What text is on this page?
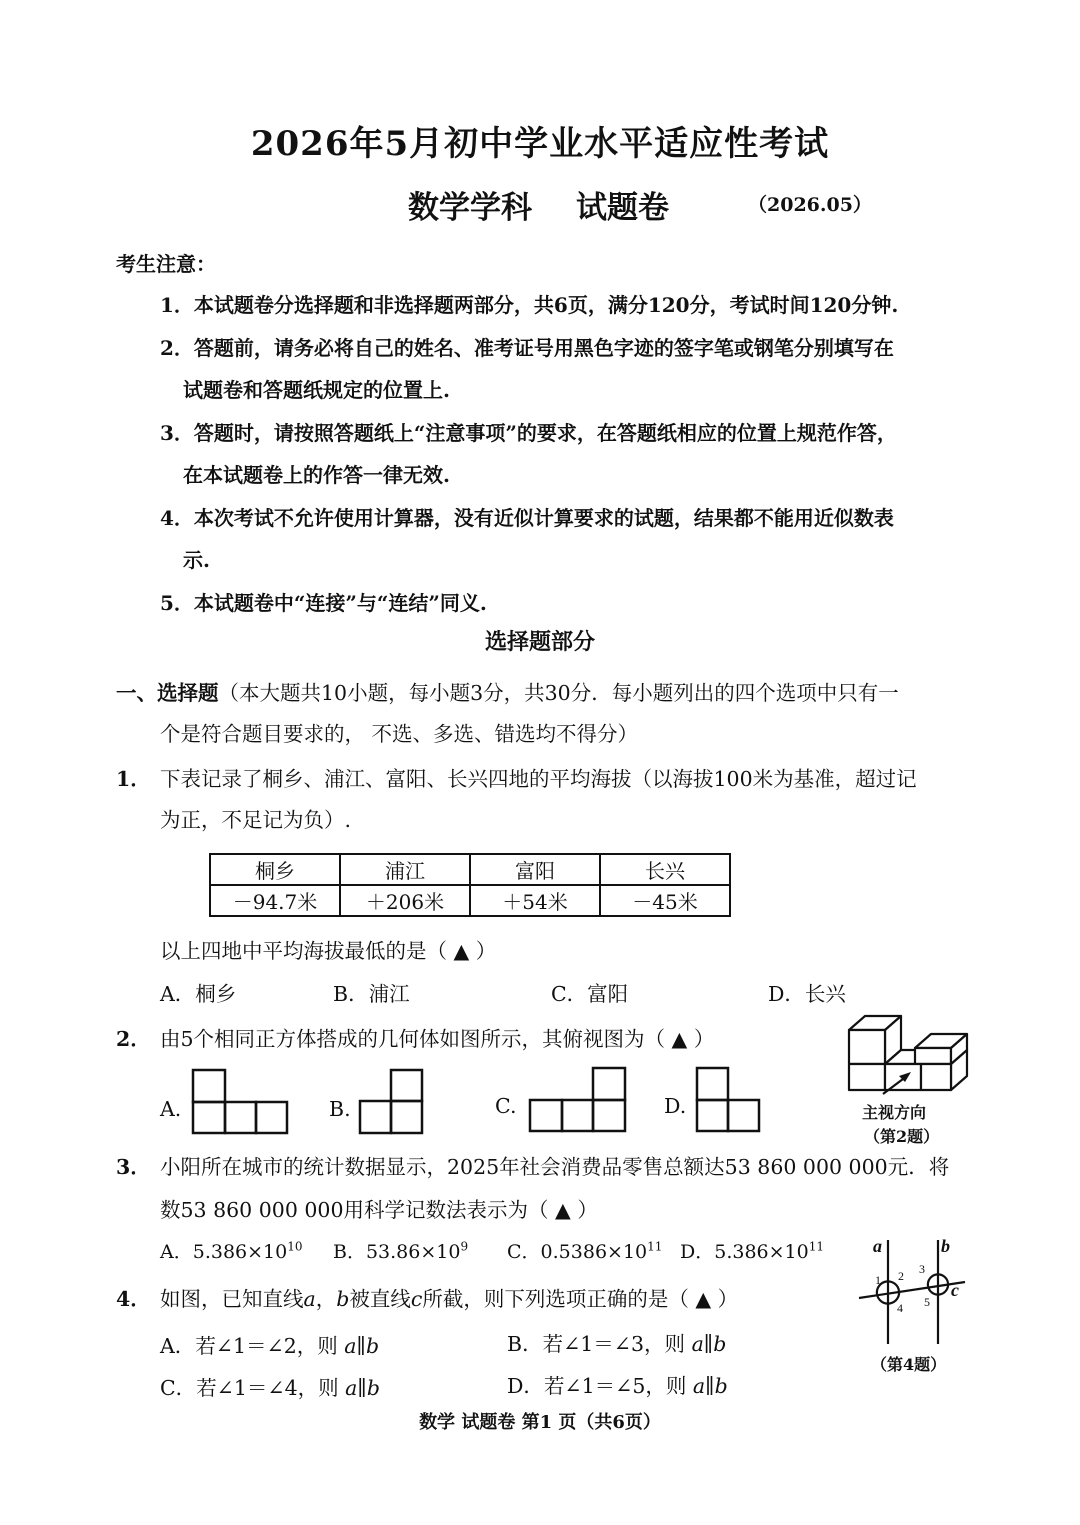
2026年5月初中学业水平适应性考试
数学学科 试题卷	（2026.05）
考生注意：
1．本试题卷分选择题和非选择题两部分，共6页，满分120分，考试时间120分钟.
2．答题前，请务必将自己的姓名、准考证号用黑色字迹的签字笔或钢笔分别填写在
试题卷和答题纸规定的位置上.
3．答题时，请按照答题纸上“注意事项”的要求，在答题纸相应的位置上规范作答，
在本试题卷上的作答一律无效.
4．本次考试不允许使用计算器，没有近似计算要求的试题，结果都不能用近似数表
示.
5．本试题卷中“连接”与“连结”同义.
选择题部分
一、选择题（本大题共10小题，每小题3分，共30分．每小题列出的四个选项中只有一
个是符合题目要求的， 不选、多选、错选均不得分）
1． 下表记录了桐乡、浦江、富阳、长兴四地的平均海拔（以海拔100米为基准，超过记
为正，不足记为负）.
桐乡	浦江	富阳	长兴
－94.7米	＋206米	＋54米	－45米
以上四地中平均海拔最低的是（ ▲ ）
A．桐乡	B．浦江	C．富阳	D．长兴
2． 由5个相同正方体搭成的几何体如图所示，其俯视图为（ ▲ ）
A.	B.	C.	D.	主视方向
（第2题）
3． 小阳所在城市的统计数据显示，2025年社会消费品零售总额达53 860 000 000元．将
数53 860 000 000用科学记数法表示为（ ▲ ）
A．$5.386\times 10^{10}$ B．$53.86\times 10^9$ C．$0.5386\times 10^{11}$ D．$5.386\times 10^{11}$
4． 如图，已知直线a，b被直线c所截，则下列选项正确的是（ ▲ ）
A．若∠1＝∠2，则 a∥b	B．若∠1＝∠3，则 a∥b
C．若∠1＝∠4，则 a∥b	D．若∠1＝∠5，则 a∥b
1 2 3
4 5
a	b
c
（第4题）
数学 试题卷 第1 页（共6页）
